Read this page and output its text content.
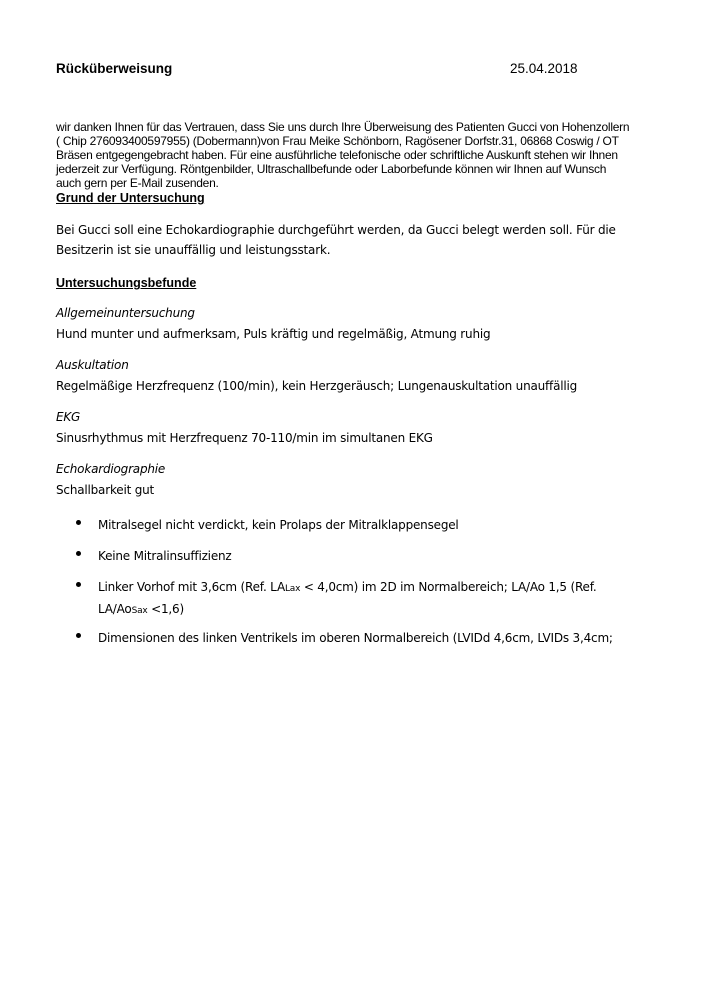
Rücküberweisung	25.04.2018
wir danken Ihnen für das Vertrauen, dass Sie uns durch Ihre Überweisung des Patienten Gucci von Hohenzollern
( Chip 276093400597955) (Dobermann)von Frau Meike Schönborn, Ragösener Dorfstr.31, 06868 Coswig / OT
Bräsen entgegengebracht haben. Für eine ausführliche telefonische oder schriftliche Auskunft stehen wir Ihnen
jederzeit zur Verfügung. Röntgenbilder, Ultraschallbefunde oder Laborbefunde können wir Ihnen auf Wunsch
auch gern per E-Mail zusenden.
Grund der Untersuchung
Bei Gucci soll eine Echokardiographie durchgeführt werden, da Gucci belegt werden soll. Für die
Besitzerin ist sie unauffällig und leistungsstark.
Untersuchungsbefunde
Allgemeinuntersuchung
Hund munter und aufmerksam, Puls kräftig und regelmäßig, Atmung ruhig
Auskultation
Regelmäßige Herzfrequenz (100/min), kein Herzgeräusch; Lungenauskultation unauffällig
EKG
Sinusrhythmus mit Herzfrequenz 70-110/min im simultanen EKG
Echokardiographie
Schallbarkeit gut
Mitralsegel nicht verdickt, kein Prolaps der Mitralklappensegel
Keine Mitralinsuffizienz
Linker Vorhof mit 3,6cm (Ref. LALax < 4,0cm) im 2D im Normalbereich; LA/Ao 1,5 (Ref.
LA/AoSax <1,6)
Dimensionen des linken Ventrikels im oberen Normalbereich (LVIDd 4,6cm, LVIDs 3,4cm;
